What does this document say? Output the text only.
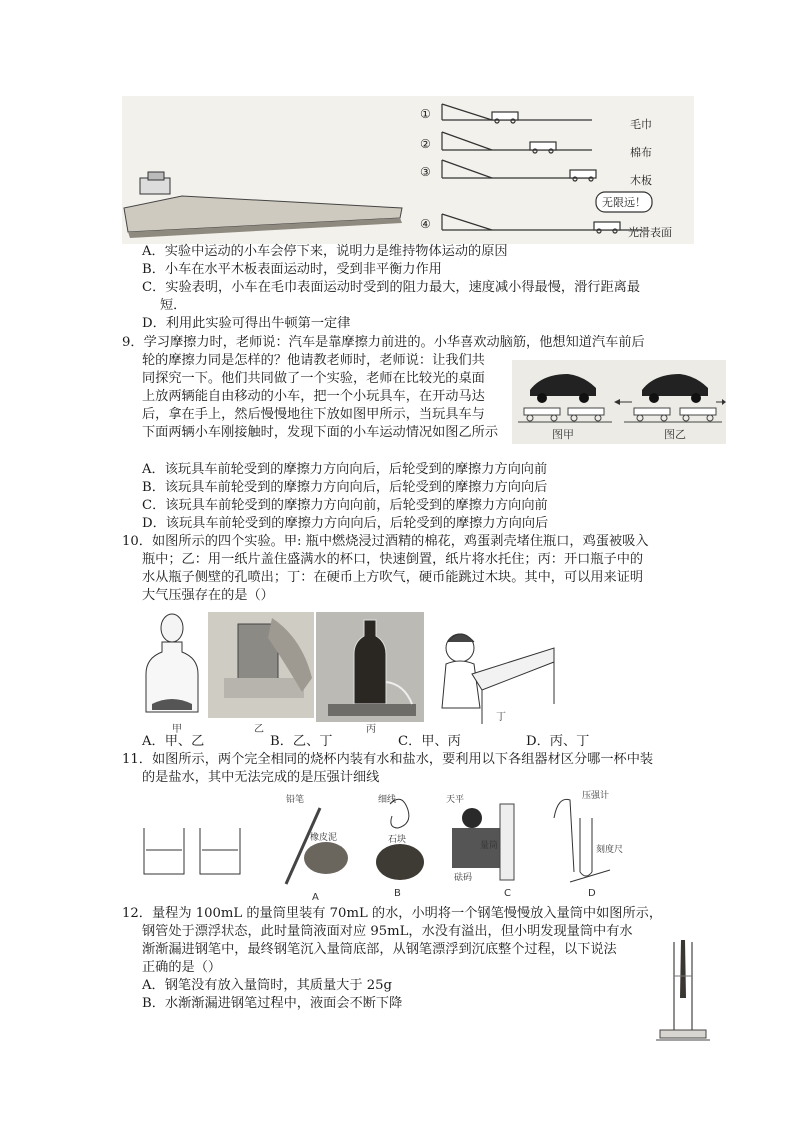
①
②
③
④
毛巾
棉布
木板
光滑表面
无限远！
A．实验中运动的小车会停下来，说明力是维持物体运动的原因
B．小车在水平木板表面运动时，受到非平衡力作用
C．实验表明，小车在毛巾表面运动时受到的阻力最大，速度减小得最慢，滑行距离最
短．
D．利用此实验可得出牛顿第一定律
9．学习摩擦力时，老师说：汽车是靠摩擦力前进的。小华喜欢动脑筋，他想知道汽车前后
轮的摩擦力同是怎样的？他请教老师时，老师说：让我们共
同探究一下。他们共同做了一个实验，老师在比较光的桌面
上放两辆能自由移动的小车，把一个小玩具车，在开动马达
后，拿在手上，然后慢慢地往下放如图甲所示，当玩具车与
下面两辆小车刚接触时，发现下面的小车运动情况如图乙所示	图甲	图乙
A．该玩具车前轮受到的摩擦力方向向后，后轮受到的摩擦力方向向前
B．该玩具车前轮受到的摩擦力方向向后，后轮受到的摩擦力方向向后
C．该玩具车前轮受到的摩擦力方向向前，后轮受到的摩擦力方向向前
D．该玩具车前轮受到的摩擦力方向向后，后轮受到的摩擦力方向向后
10．如图所示的四个实验。甲: 瓶中燃烧浸过酒精的棉花，鸡蛋剥壳堵住瓶口，鸡蛋被吸入
瓶中；乙：用一纸片盖住盛满水的杯口，快速倒置，纸片将水托住；丙：开口瓶子中的
水从瓶子侧壁的孔喷出；丁：在硬币上方吹气，硬币能跳过木块。其中，可以用来证明
大气压强存在的是（）
甲	乙	丙
丁
A．甲、乙	B．乙、丁	C．甲、丙	D．丙、丁
11．如图所示，两个完全相同的烧杯内装有水和盐水，要利用以下各组器材区分哪一杯中装
的是盐水，其中无法完成的是压强计细线
铅笔
橡皮泥
细线
石块
天平
量筒
砝码
压强计
刻度尺
A	B	C	D
12．量程为 100mL 的量筒里装有 70mL 的水，小明将一个钢笔慢慢放入量筒中如图所示，
钢管处于漂浮状态，此时量筒液面对应 95mL，水没有溢出，但小明发现量筒中有水
渐渐漏进钢笔中，最终钢笔沉入量筒底部，从钢笔漂浮到沉底整个过程，以下说法
正确的是（）
A．钢笔没有放入量筒时，其质量大于 25g
B．水渐渐漏进钢笔过程中，液面会不断下降
